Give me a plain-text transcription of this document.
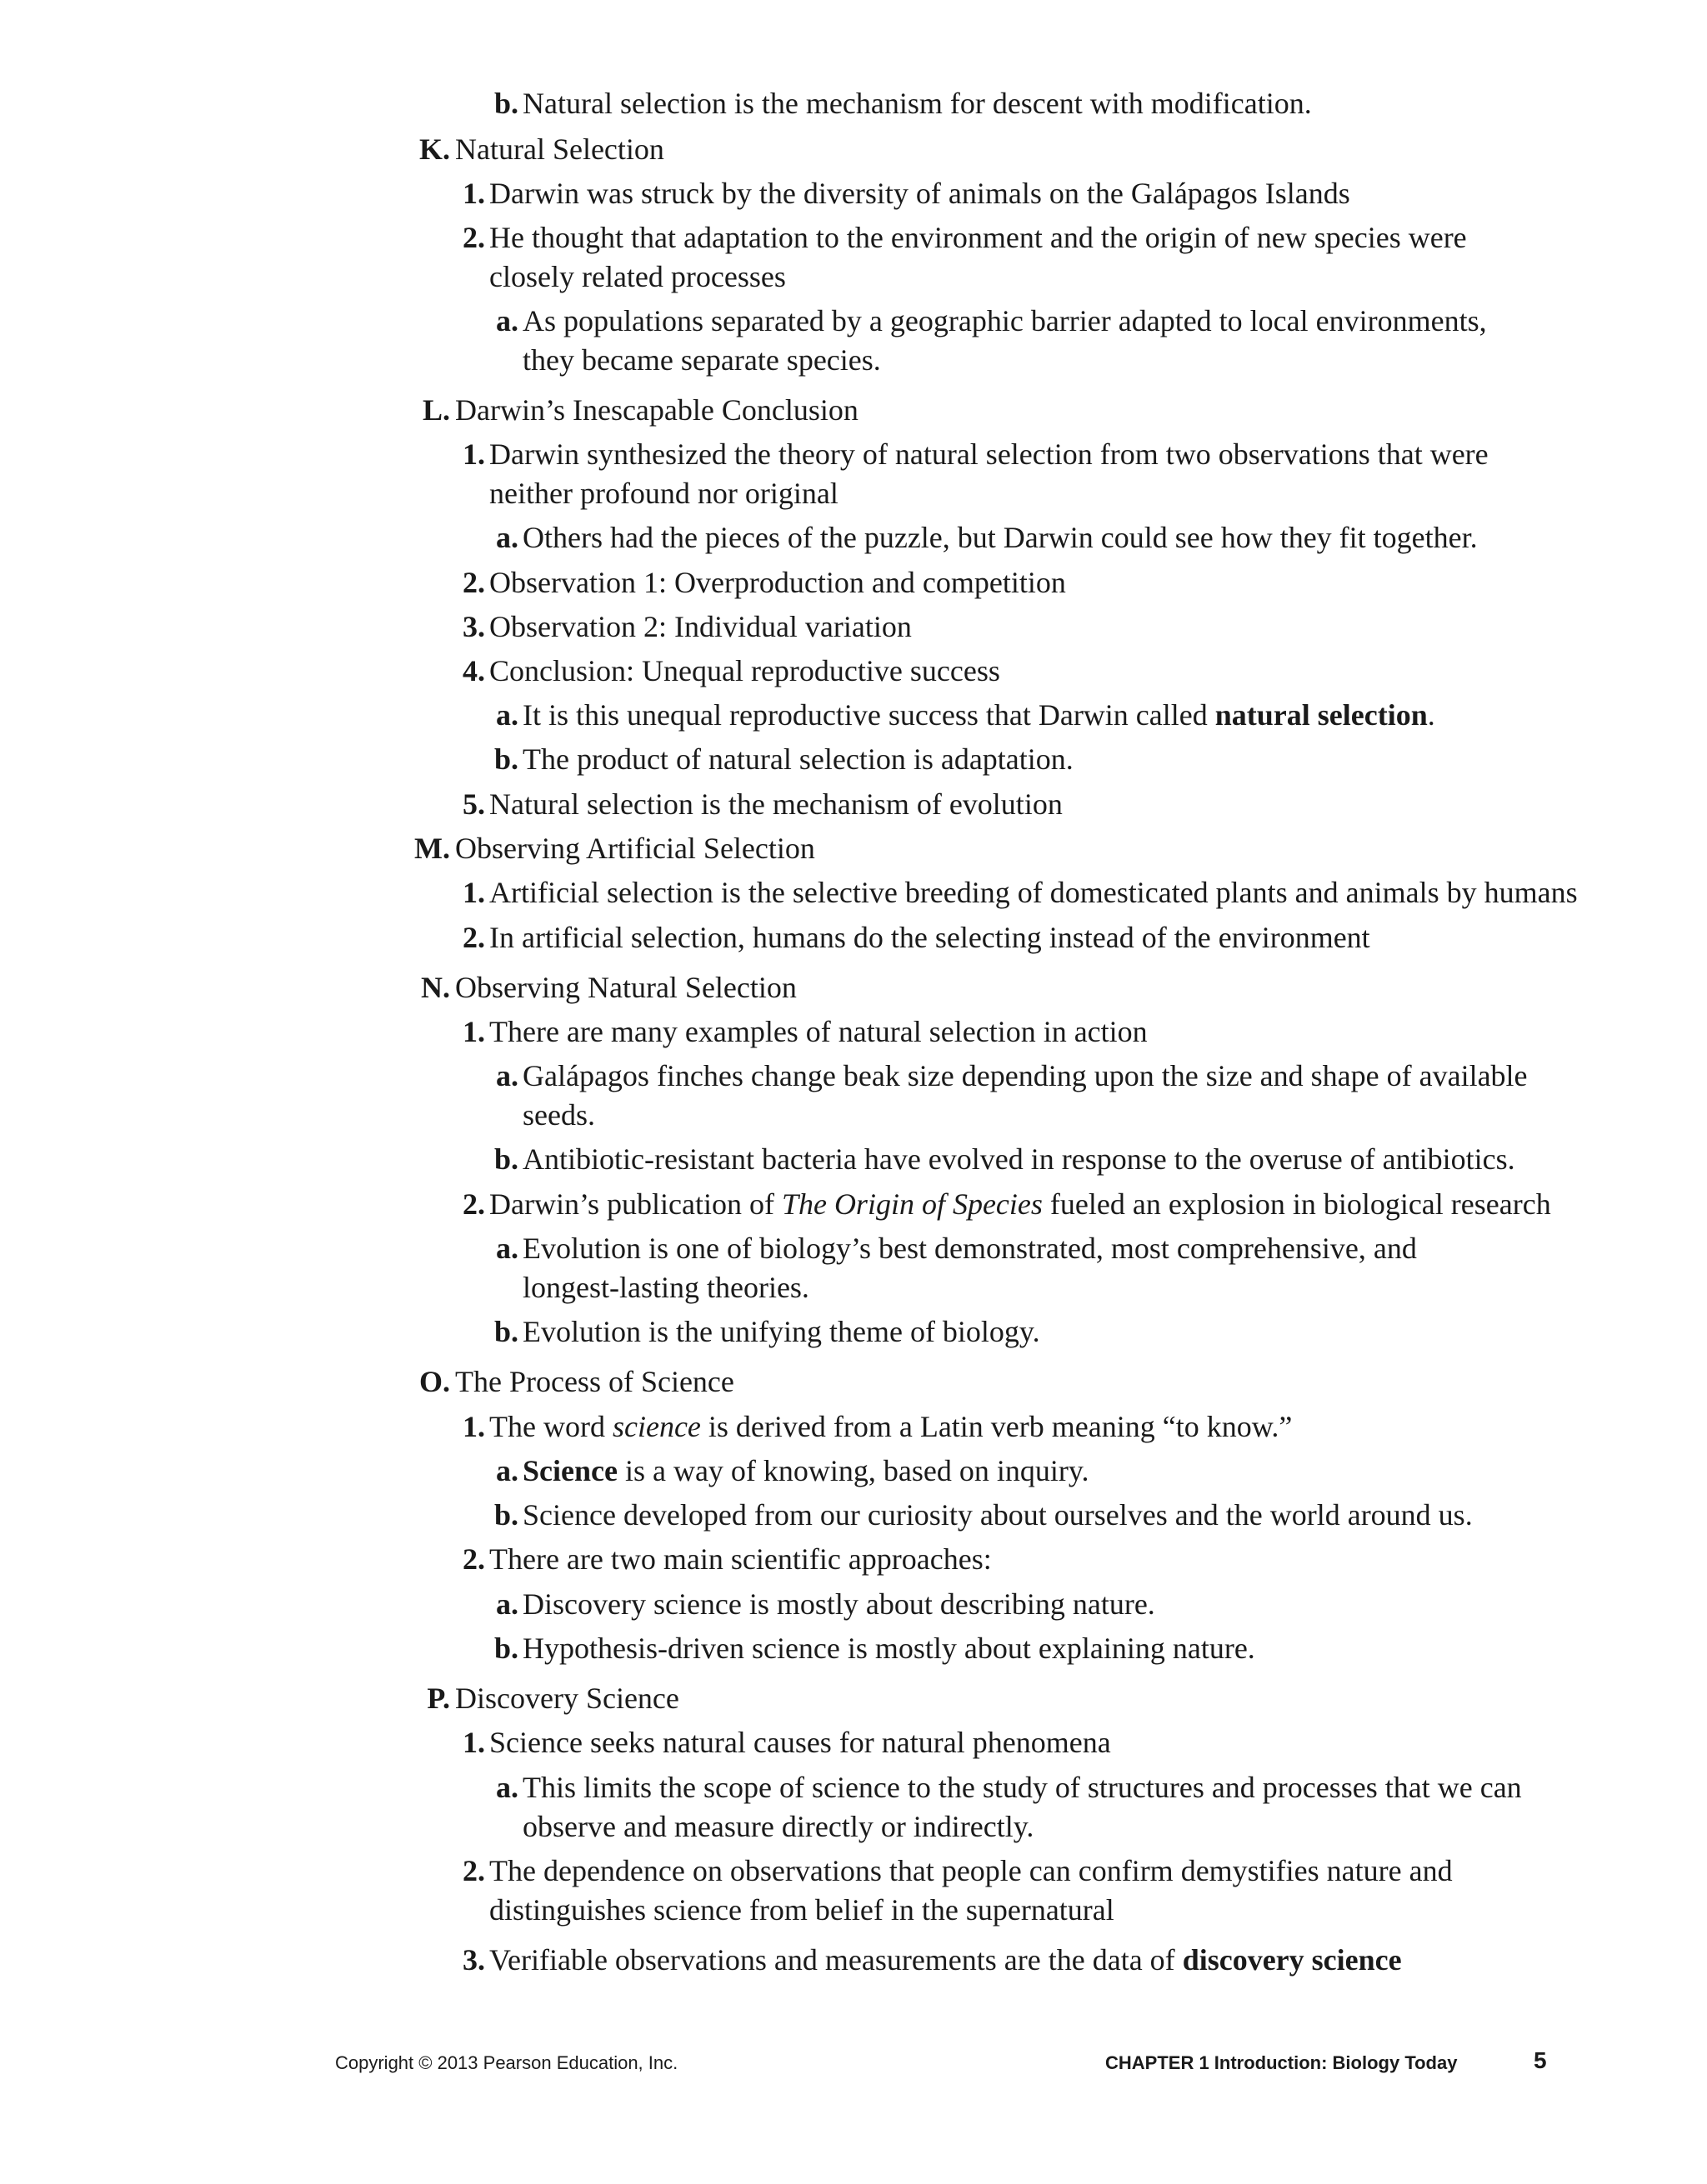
b. Natural selection is the mechanism for descent with modification.
K. Natural Selection
1. Darwin was struck by the diversity of animals on the Galápagos Islands
2. He thought that adaptation to the environment and the origin of new species were
closely related processes
a. As populations separated by a geographic barrier adapted to local environments,
they became separate species.
L. Darwin’s Inescapable Conclusion
1. Darwin synthesized the theory of natural selection from two observations that were
neither profound nor original
a. Others had the pieces of the puzzle, but Darwin could see how they fit together.
2. Observation 1: Overproduction and competition
3. Observation 2: Individual variation
4. Conclusion: Unequal reproductive success
a. It is this unequal reproductive success that Darwin called natural selection.
b. The product of natural selection is adaptation.
5. Natural selection is the mechanism of evolution
M. Observing Artificial Selection
1. Artificial selection is the selective breeding of domesticated plants and animals by humans
2. In artificial selection, humans do the selecting instead of the environment
N. Observing Natural Selection
1. There are many examples of natural selection in action
a. Galápagos finches change beak size depending upon the size and shape of available
seeds.
b. Antibiotic-resistant bacteria have evolved in response to the overuse of antibiotics.
2. Darwin’s publication of The Origin of Species fueled an explosion in biological research
a. Evolution is one of biology’s best demonstrated, most comprehensive, and
longest-lasting theories.
b. Evolution is the unifying theme of biology.
O. The Process of Science
1. The word science is derived from a Latin verb meaning “to know.”
a. Science is a way of knowing, based on inquiry.
b. Science developed from our curiosity about ourselves and the world around us.
2. There are two main scientific approaches:
a. Discovery science is mostly about describing nature.
b. Hypothesis-driven science is mostly about explaining nature.
P. Discovery Science
1. Science seeks natural causes for natural phenomena
a. This limits the scope of science to the study of structures and processes that we can
observe and measure directly or indirectly.
2. The dependence on observations that people can confirm demystifies nature and
distinguishes science from belief in the supernatural
3. Verifiable observations and measurements are the data of discovery science
Copyright © 2013 Pearson Education, Inc.	CHAPTER 1 Introduction: Biology Today	5
